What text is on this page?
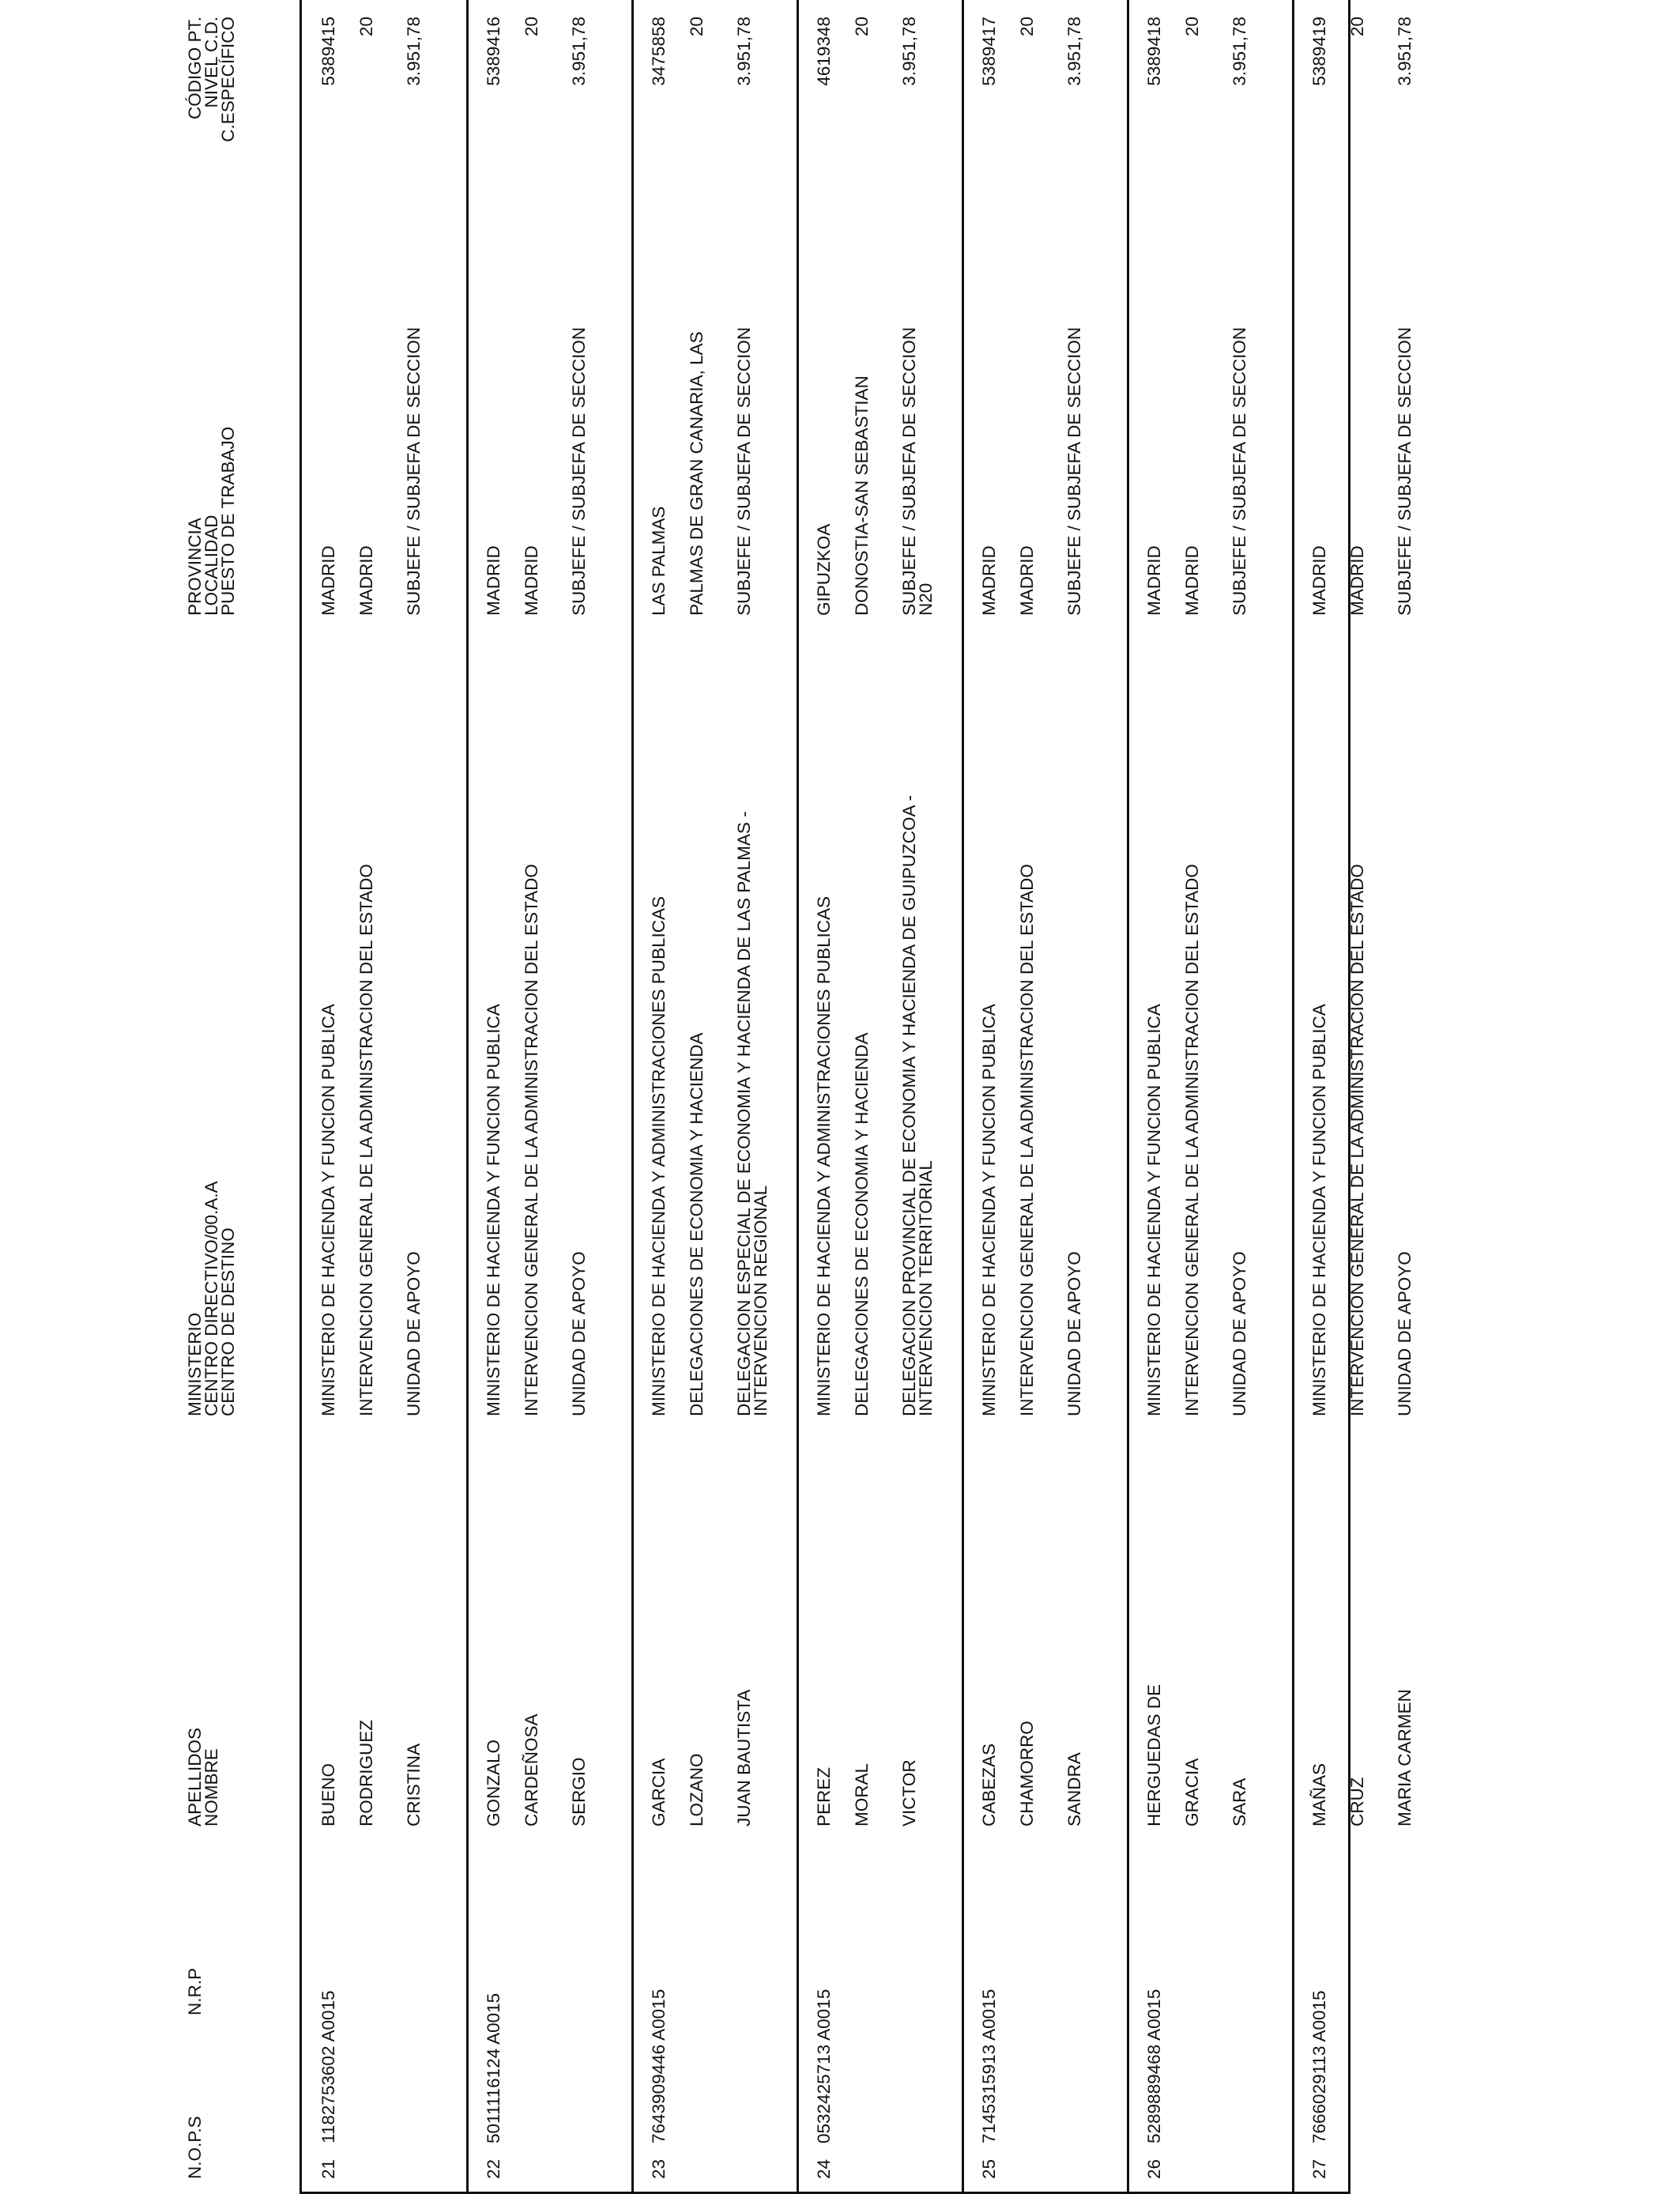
N.O.P.S
N.R.P
APELLIDOS
NOMBRE
MINISTERIO
CENTRO DIRECTIVO/00.A.A
CENTRO DE DESTINO
PROVINCIA
LOCALIDAD
PUESTO DE TRABAJO
CÓDIGO PT.
NIVEL C.D.
C.ESPECÍFICO
21
1182753602 A0015
BUENO RODRIGUEZ CRISTINA
MINISTERIO DE HACIENDA Y FUNCION PUBLICA INTERVENCION GENERAL DE LA ADMINISTRACION DEL ESTADO
MADRID MADRID
5389415 20 3.951,78
UNIDAD DE APOYO
SUBJEFE / SUBJEFA DE SECCION
22
5011116124 A0015
GONZALO CARDEÑOSA SERGIO
MINISTERIO DE HACIENDA Y FUNCION PUBLICA INTERVENCION GENERAL DE LA ADMINISTRACION DEL ESTADO
MADRID MADRID
5389416 20 3.951,78
UNIDAD DE APOYO
SUBJEFE / SUBJEFA DE SECCION
23
7643909446 A0015
GARCIA LOZANO JUAN BAUTISTA
MINISTERIO DE HACIENDA Y ADMINISTRACIONES PUBLICAS DELEGACIONES DE ECONOMIA Y HACIENDA
LAS PALMAS PALMAS DE GRAN CANARIA, LAS
3475858 20 3.951,78
DELEGACION ESPECIAL DE ECONOMIA Y HACIENDA DE LAS PALMAS -
INTERVENCION REGIONAL
SUBJEFE / SUBJEFA DE SECCION
24
0532425713 A0015
PEREZ MORAL VICTOR
MINISTERIO DE HACIENDA Y ADMINISTRACIONES PUBLICAS DELEGACIONES DE ECONOMIA Y HACIENDA
GIPUZKOA DONOSTIA-SAN SEBASTIAN
4619348 20 3.951,78
DELEGACION PROVINCIAL DE ECONOMIA Y HACIENDA DE GUIPUZCOA -
INTERVENCION TERRITORIAL
SUBJEFE / SUBJEFA DE SECCION
N20
25
7145315913 A0015
CABEZAS CHAMORRO SANDRA
MINISTERIO DE HACIENDA Y FUNCION PUBLICA INTERVENCION GENERAL DE LA ADMINISTRACION DEL ESTADO
MADRID MADRID
5389417 20 3.951,78
UNIDAD DE APOYO
SUBJEFE / SUBJEFA DE SECCION
26
5289889468 A0015
HERGUEDAS DE GRACIA SARA
MINISTERIO DE HACIENDA Y FUNCION PUBLICA INTERVENCION GENERAL DE LA ADMINISTRACION DEL ESTADO
MADRID MADRID
5389418 20 3.951,78
UNIDAD DE APOYO
SUBJEFE / SUBJEFA DE SECCION
27
7666029113 A0015
MAÑAS CRUZ MARIA CARMEN
MINISTERIO DE HACIENDA Y FUNCION PUBLICA INTERVENCION GENERAL DE LA ADMINISTRACION DEL ESTADO
MADRID MADRID
5389419 20 3.951,78
UNIDAD DE APOYO
SUBJEFE / SUBJEFA DE SECCION
